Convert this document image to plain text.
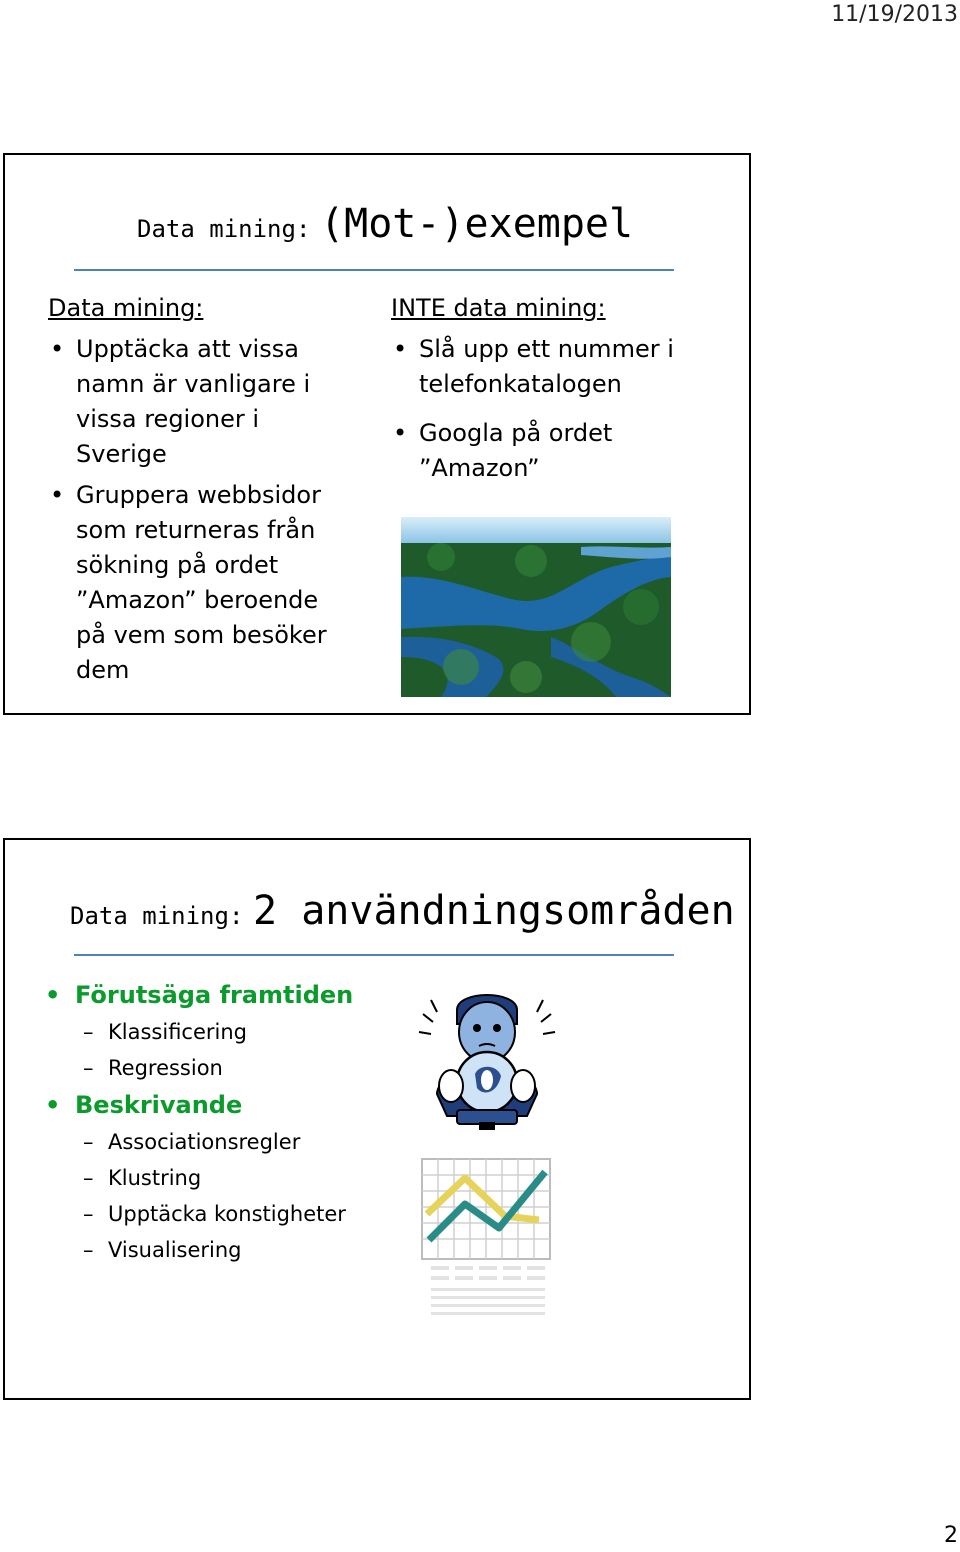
11/19/2013
Data mining: (Mot-)exempel
Data mining:
• Upptäcka att vissa namn är vanligare i vissa regioner i Sverige
• Gruppera webbsidor som returneras från sökning på ordet ”Amazon” beroende på vem som besöker dem
INTE data mining:
• Slå upp ett nummer i telefonkatalogen
• Googla på ordet ”Amazon”
Data mining: 2 användningsområden
• Förutsäga framtiden
– Klassificering
– Regression
• Beskrivande
– Associationsregler
– Klustring
– Upptäcka konstigheter
– Visualisering
2
